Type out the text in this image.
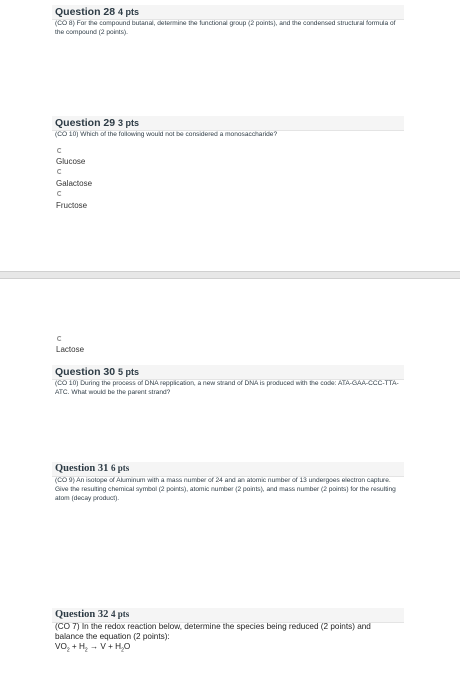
Question 28 4 pts
(CO 8) For the compound butanal, determine the functional group (2 points), and the condensed structural formula of the compound (2 points).
Question 29 3 pts
(CO 10) Which of the following would not be considered a monosaccharide?
Glucose
Galactose
Fructose
Lactose
Question 30 5 pts
(CO 10) During the process of DNA repplication, a new strand of DNA is produced with the code: ATA-GAA-CCC-TTA-ATC. What would be the parent strand?
Question 31 6 pts
(CO 9) An isotope of Aluminum with a mass number of 24 and an atomic number of 13 undergoes electron capture. Give the resulting chemical symbol (2 points), atomic number (2 points), and mass number (2 points) for the resulting atom (decay product).
Question 32 4 pts
(CO 7) In the redox reaction below, determine the species being reduced (2 points) and balance the equation (2 points):
$VO_2 + H_2 \to V + H_2O$
